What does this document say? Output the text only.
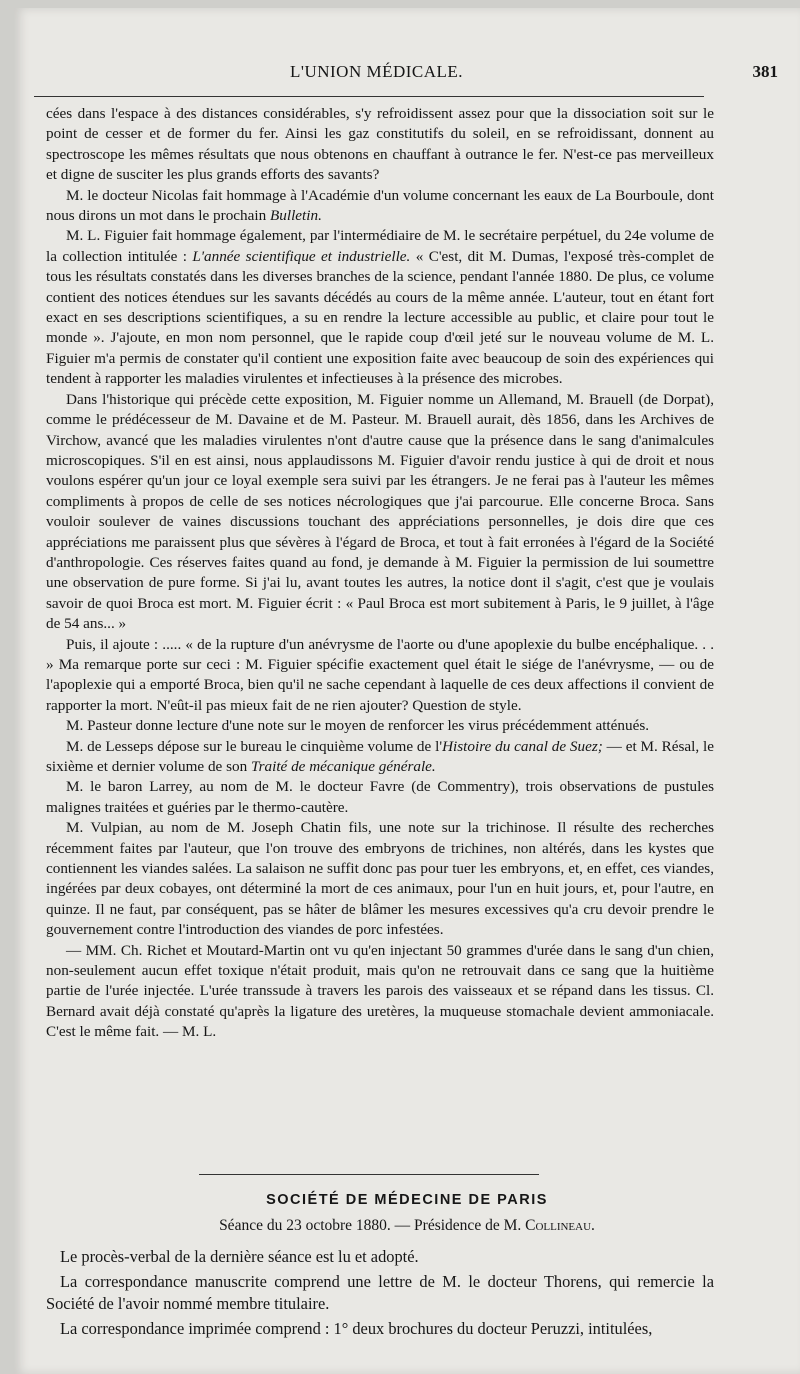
L'UNION MÉDICALE.	381

cées dans l'espace à des distances considérables, s'y refroidissent assez pour que la dissociation soit sur le point de cesser et de former du fer. Ainsi les gaz constitutifs du soleil, en se refroidissant, donnent au spectroscope les mêmes résultats que nous obtenons en chauffant à outrance le fer. N'est-ce pas merveilleux et digne de susciter les plus grands efforts des savants?

M. le docteur Nicolas fait hommage à l'Académie d'un volume concernant les eaux de La Bourboule, dont nous dirons un mot dans le prochain Bulletin.

M. L. Figuier fait hommage également, par l'intermédiaire de M. le secrétaire perpétuel, du 24e volume de la collection intitulée : L'année scientifique et industrielle. « C'est, dit M. Dumas, l'exposé très-complet de tous les résultats constatés dans les diverses branches de la science, pendant l'année 1880. De plus, ce volume contient des notices étendues sur les savants décédés au cours de la même année. L'auteur, tout en étant fort exact en ses descriptions scientifiques, a su en rendre la lecture accessible au public, et claire pour tout le monde ». J'ajoute, en mon nom personnel, que le rapide coup d'œil jeté sur le nouveau volume de M. L. Figuier m'a permis de constater qu'il contient une exposition faite avec beaucoup de soin des expériences qui tendent à rapporter les maladies virulentes et infectieuses à la présence des microbes.

Dans l'historique qui précède cette exposition, M. Figuier nomme un Allemand, M. Brauell (de Dorpat), comme le prédécesseur de M. Davaine et de M. Pasteur. M. Brauell aurait, dès 1856, dans les Archives de Virchow, avancé que les maladies virulentes n'ont d'autre cause que la présence dans le sang d'animalcules microscopiques. S'il en est ainsi, nous applaudissons M. Figuier d'avoir rendu justice à qui de droit et nous voulons espérer qu'un jour ce loyal exemple sera suivi par les étrangers. Je ne ferai pas à l'auteur les mêmes compliments à propos de celle de ses notices nécrologiques que j'ai parcourue. Elle concerne Broca. Sans vouloir soulever de vaines discussions touchant des appréciations personnelles, je dois dire que ces appréciations me paraissent plus que sévères à l'égard de Broca, et tout à fait erronées à l'égard de la Société d'anthropologie. Ces réserves faites quand au fond, je demande à M. Figuier la permission de lui soumettre une observation de pure forme. Si j'ai lu, avant toutes les autres, la notice dont il s'agit, c'est que je voulais savoir de quoi Broca est mort. M. Figuier écrit : « Paul Broca est mort subitement à Paris, le 9 juillet, à l'âge de 54 ans... »

Puis, il ajoute : ..... « de la rupture d'un anévrysme de l'aorte ou d'une apoplexie du bulbe encéphalique. . . » Ma remarque porte sur ceci : M. Figuier spécifie exactement quel était le siége de l'anévrysme, — ou de l'apoplexie qui a emporté Broca, bien qu'il ne sache cependant à laquelle de ces deux affections il convient de rapporter la mort. N'eût-il pas mieux fait de ne rien ajouter? Question de style.

M. Pasteur donne lecture d'une note sur le moyen de renforcer les virus précédemment atténués.

M. de Lesseps dépose sur le bureau le cinquième volume de l'Histoire du canal de Suez; — et M. Résal, le sixième et dernier volume de son Traité de mécanique générale.

M. le baron Larrey, au nom de M. le docteur Favre (de Commentry), trois observations de pustules malignes traitées et guéries par le thermo-cautère.

M. Vulpian, au nom de M. Joseph Chatin fils, une note sur la trichinose. Il résulte des recherches récemment faites par l'auteur, que l'on trouve des embryons de trichines, non altérés, dans les kystes que contiennent les viandes salées. La salaison ne suffit donc pas pour tuer les embryons, et, en effet, ces viandes, ingérées par deux cobayes, ont déterminé la mort de ces animaux, pour l'un en huit jours, et, pour l'autre, en quinze. Il ne faut, par conséquent, pas se hâter de blâmer les mesures excessives qu'a cru devoir prendre le gouvernement contre l'introduction des viandes de porc infestées.

— MM. Ch. Richet et Moutard-Martin ont vu qu'en injectant 50 grammes d'urée dans le sang d'un chien, non-seulement aucun effet toxique n'était produit, mais qu'on ne retrouvait dans ce sang que la huitième partie de l'urée injectée. L'urée transsude à travers les parois des vaisseaux et se répand dans les tissus. Cl. Bernard avait déjà constaté qu'après la ligature des uretères, la muqueuse stomachale devient ammoniacale. C'est le même fait. — M. L.

SOCIÉTÉ DE MÉDECINE DE PARIS
Séance du 23 octobre 1880. — Présidence de M. Collineau.

Le procès-verbal de la dernière séance est lu et adopté.

La correspondance manuscrite comprend une lettre de M. le docteur Thorens, qui remercie la Société de l'avoir nommé membre titulaire.

La correspondance imprimée comprend : 1° deux brochures du docteur Peruzzi, intitulées,
